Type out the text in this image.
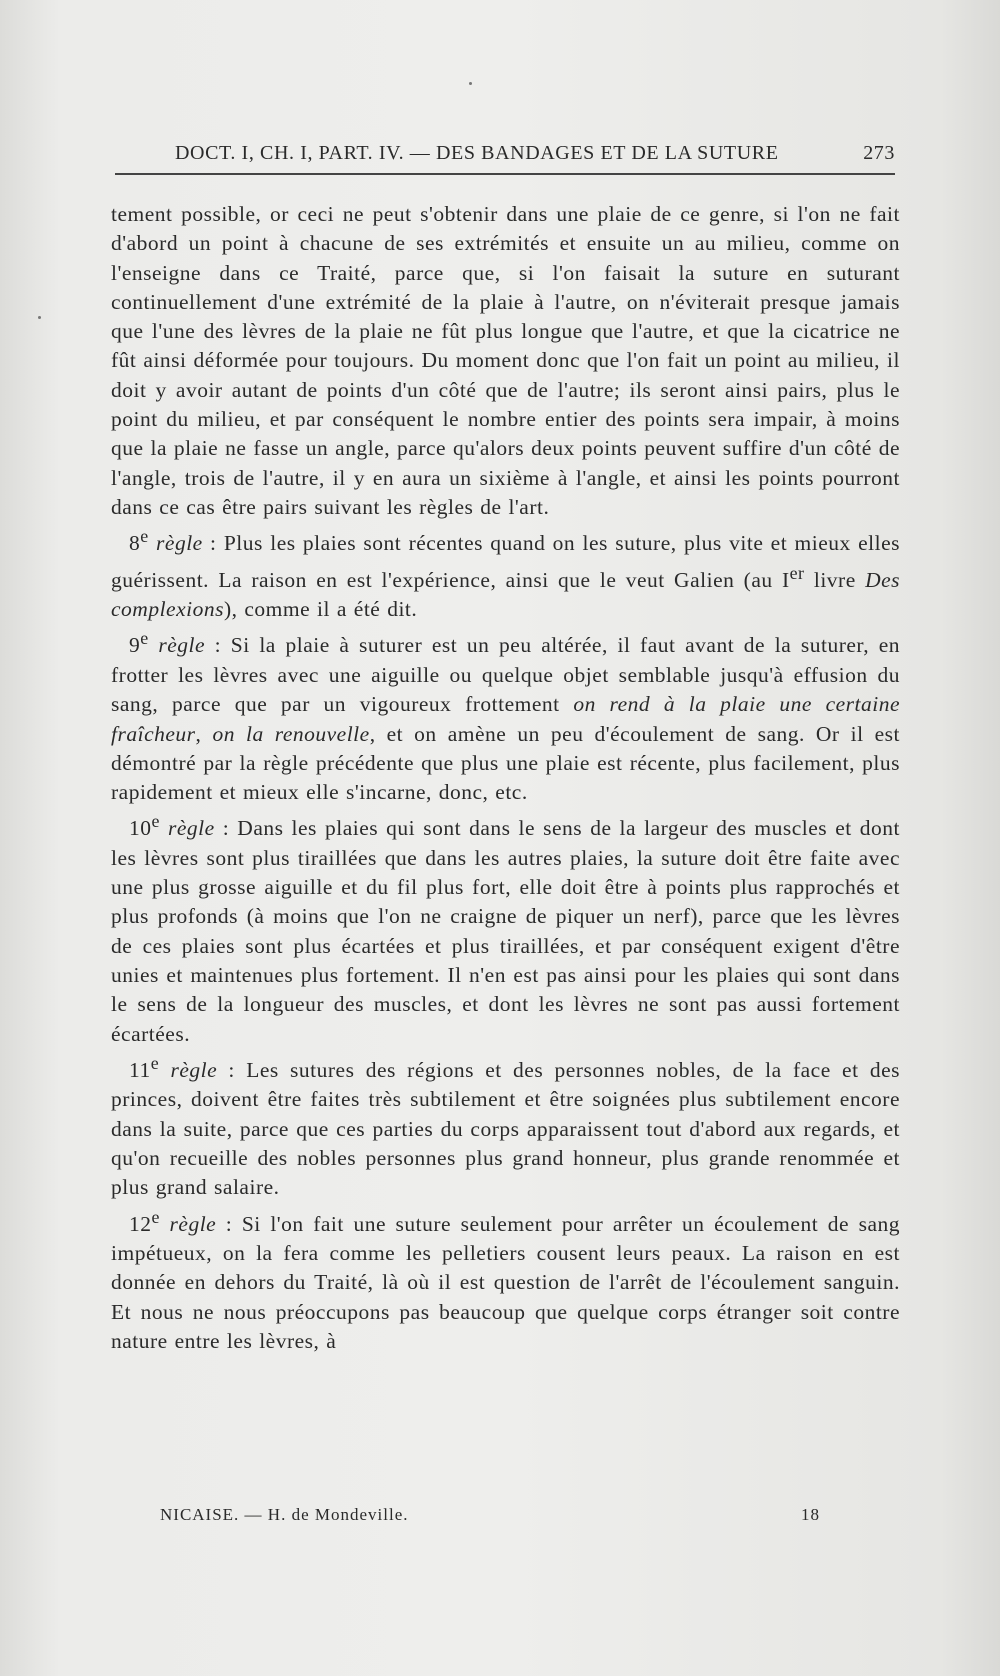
DOCT. I, CH. I, PART. IV. — DES BANDAGES ET DE LA SUTURE	273

tement possible, or ceci ne peut s'obtenir dans une plaie de ce genre, si l'on ne fait d'abord un point à chacune de ses extrémités et ensuite un au milieu, comme on l'enseigne dans ce Traité, parce que, si l'on faisait la suture en suturant continuellement d'une extrémité de la plaie à l'autre, on n'éviterait presque jamais que l'une des lèvres de la plaie ne fût plus longue que l'autre, et que la cicatrice ne fût ainsi déformée pour toujours. Du moment donc que l'on fait un point au milieu, il doit y avoir autant de points d'un côté que de l'autre; ils seront ainsi pairs, plus le point du milieu, et par conséquent le nombre entier des points sera impair, à moins que la plaie ne fasse un angle, parce qu'alors deux points peuvent suffire d'un côté de l'angle, trois de l'autre, il y en aura un sixième à l'angle, et ainsi les points pourront dans ce cas être pairs suivant les règles de l'art.

8e règle : Plus les plaies sont récentes quand on les suture, plus vite et mieux elles guérissent. La raison en est l'expérience, ainsi que le veut Galien (au Ier livre Des complexions), comme il a été dit.

9e règle : Si la plaie à suturer est un peu altérée, il faut avant de la suturer, en frotter les lèvres avec une aiguille ou quelque objet semblable jusqu'à effusion du sang, parce que par un vigoureux frottement on rend à la plaie une certaine fraîcheur, on la renouvelle, et on amène un peu d'écoulement de sang. Or il est démontré par la règle précédente que plus une plaie est récente, plus facilement, plus rapidement et mieux elle s'incarne, donc, etc.

10e règle : Dans les plaies qui sont dans le sens de la largeur des muscles et dont les lèvres sont plus tiraillées que dans les autres plaies, la suture doit être faite avec une plus grosse aiguille et du fil plus fort, elle doit être à points plus rapprochés et plus profonds (à moins que l'on ne craigne de piquer un nerf), parce que les lèvres de ces plaies sont plus écartées et plus tiraillées, et par conséquent exigent d'être unies et maintenues plus fortement. Il n'en est pas ainsi pour les plaies qui sont dans le sens de la longueur des muscles, et dont les lèvres ne sont pas aussi fortement écartées.

11e règle : Les sutures des régions et des personnes nobles, de la face et des princes, doivent être faites très subtilement et être soignées plus subtilement encore dans la suite, parce que ces parties du corps apparaissent tout d'abord aux regards, et qu'on recueille des nobles personnes plus grand honneur, plus grande renommée et plus grand salaire.

12e règle : Si l'on fait une suture seulement pour arrêter un écoulement de sang impétueux, on la fera comme les pelletiers cousent leurs peaux. La raison en est donnée en dehors du Traité, là où il est question de l'arrêt de l'écoulement sanguin. Et nous ne nous préoccupons pas beaucoup que quelque corps étranger soit contre nature entre les lèvres, à

NICAISE. — H. de Mondeville.	18
